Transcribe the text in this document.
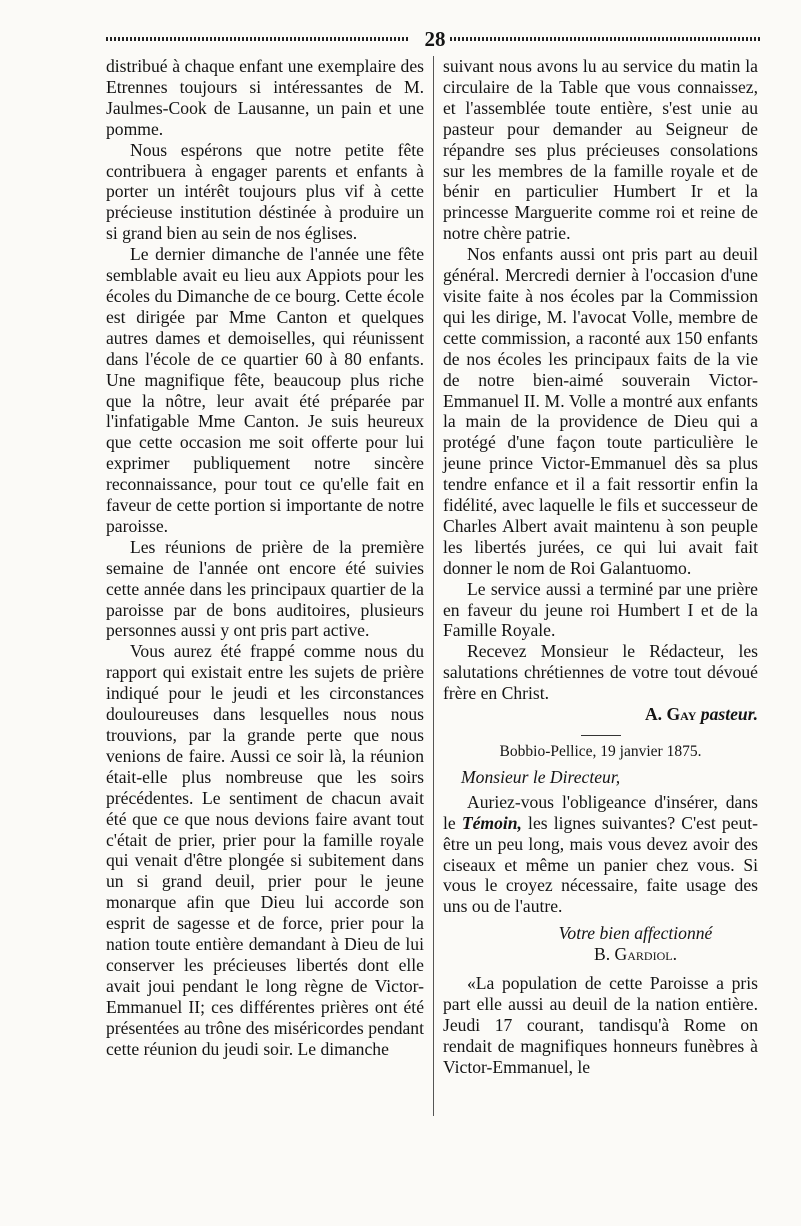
28

distribué à chaque enfant une exemplaire des Etrennes toujours si intéressantes de M. Jaulmes-Cook de Lausanne, un pain et une pomme.

Nous espérons que notre petite fête contribuera à engager parents et enfants à porter un intérêt toujours plus vif à cette précieuse institution déstinée à produire un si grand bien au sein de nos églises.

Le dernier dimanche de l'année une fête semblable avait eu lieu aux Appiots pour les écoles du Dimanche de ce bourg. Cette école est dirigée par Mme Canton et quelques autres dames et demoiselles, qui réunissent dans l'école de ce quartier 60 à 80 enfants. Une magnifique fête, beaucoup plus riche que la nôtre, leur avait été préparée par l'infatigable Mme Canton. Je suis heureux que cette occasion me soit offerte pour lui exprimer publiquement notre sincère reconnaissance, pour tout ce qu'elle fait en faveur de cette portion si importante de notre paroisse.

Les réunions de prière de la première semaine de l'année ont encore été suivies cette année dans les principaux quartier de la paroisse par de bons auditoires, plusieurs personnes aussi y ont pris part active.

Vous aurez été frappé comme nous du rapport qui existait entre les sujets de prière indiqué pour le jeudi et les circonstances douloureuses dans lesquelles nous nous trouvions, par la grande perte que nous venions de faire. Aussi ce soir là, la réunion était-elle plus nombreuse que les soirs précédentes. Le sentiment de chacun avait été que ce que nous devions faire avant tout c'était de prier, prier pour la famille royale qui venait d'être plongée si subitement dans un si grand deuil, prier pour le jeune monarque afin que Dieu lui accorde son esprit de sagesse et de force, prier pour la nation toute entière demandant à Dieu de lui conserver les précieuses libertés dont elle avait joui pendant le long règne de Victor-Emmanuel II; ces différentes prières ont été présentées au trône des miséricordes pendant cette réunion du jeudi soir. Le dimanche

suivant nous avons lu au service du matin la circulaire de la Table que vous connaissez, et l'assemblée toute entière, s'est unie au pasteur pour demander au Seigneur de répandre ses plus précieuses consolations sur les membres de la famille royale et de bénir en particulier Humbert Ir et la princesse Marguerite comme roi et reine de notre chère patrie.

Nos enfants aussi ont pris part au deuil général. Mercredi dernier à l'occasion d'une visite faite à nos écoles par la Commission qui les dirige, M. l'avocat Volle, membre de cette commission, a raconté aux 150 enfants de nos écoles les principaux faits de la vie de notre bien-aimé souverain Victor-Emmanuel II. M. Volle a montré aux enfants la main de la providence de Dieu qui a protégé d'une façon toute particulière le jeune prince Victor-Emmanuel dès sa plus tendre enfance et il a fait ressortir enfin la fidélité, avec laquelle le fils et successeur de Charles Albert avait maintenu à son peuple les libertés jurées, ce qui lui avait fait donner le nom de Roi Galantuomo.

Le service aussi a terminé par une prière en faveur du jeune roi Humbert I et de la Famille Royale.

Recevez Monsieur le Rédacteur, les salutations chrétiennes de votre tout dévoué frère en Christ.

A. Gay pasteur.

Bobbio-Pellice, 19 janvier 1875.

Monsieur le Directeur,

Auriez-vous l'obligeance d'insérer, dans le Témoin, les lignes suivantes? C'est peut-être un peu long, mais vous devez avoir des ciseaux et même un panier chez vous. Si vous le croyez nécessaire, faite usage des uns ou de l'autre.

Votre bien affectionné

B. Gardiol.

«La population de cette Paroisse a pris part elle aussi au deuil de la nation entière. Jeudi 17 courant, tandisqu'à Rome on rendait de magnifiques honneurs funèbres à Victor-Emmanuel, le
